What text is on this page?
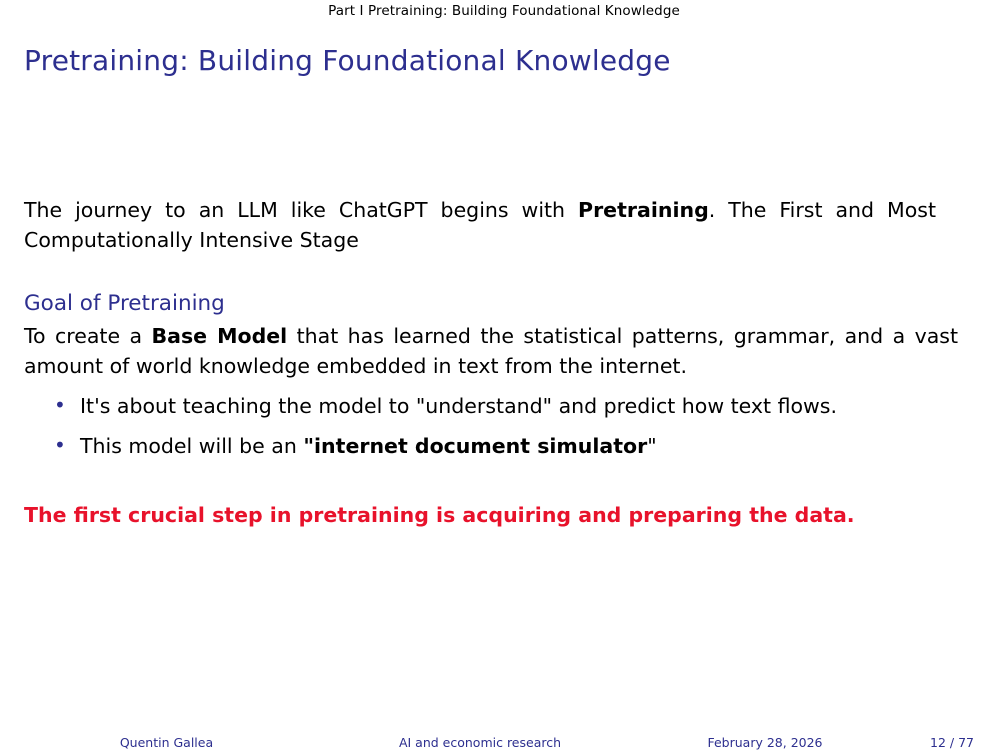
Part I Pretraining: Building Foundational Knowledge
Pretraining: Building Foundational Knowledge

The journey to an LLM like ChatGPT begins with Pretraining. The First and Most Computationally Intensive Stage

Goal of Pretraining

To create a Base Model that has learned the statistical patterns, grammar, and a vast amount of world knowledge embedded in text from the internet.

• It's about teaching the model to "understand" and predict how text flows.
• This model will be an "internet document simulator"

The first crucial step in pretraining is acquiring and preparing the data.

Quentin Gallea	AI and economic research	February 28, 2026	12 / 77
